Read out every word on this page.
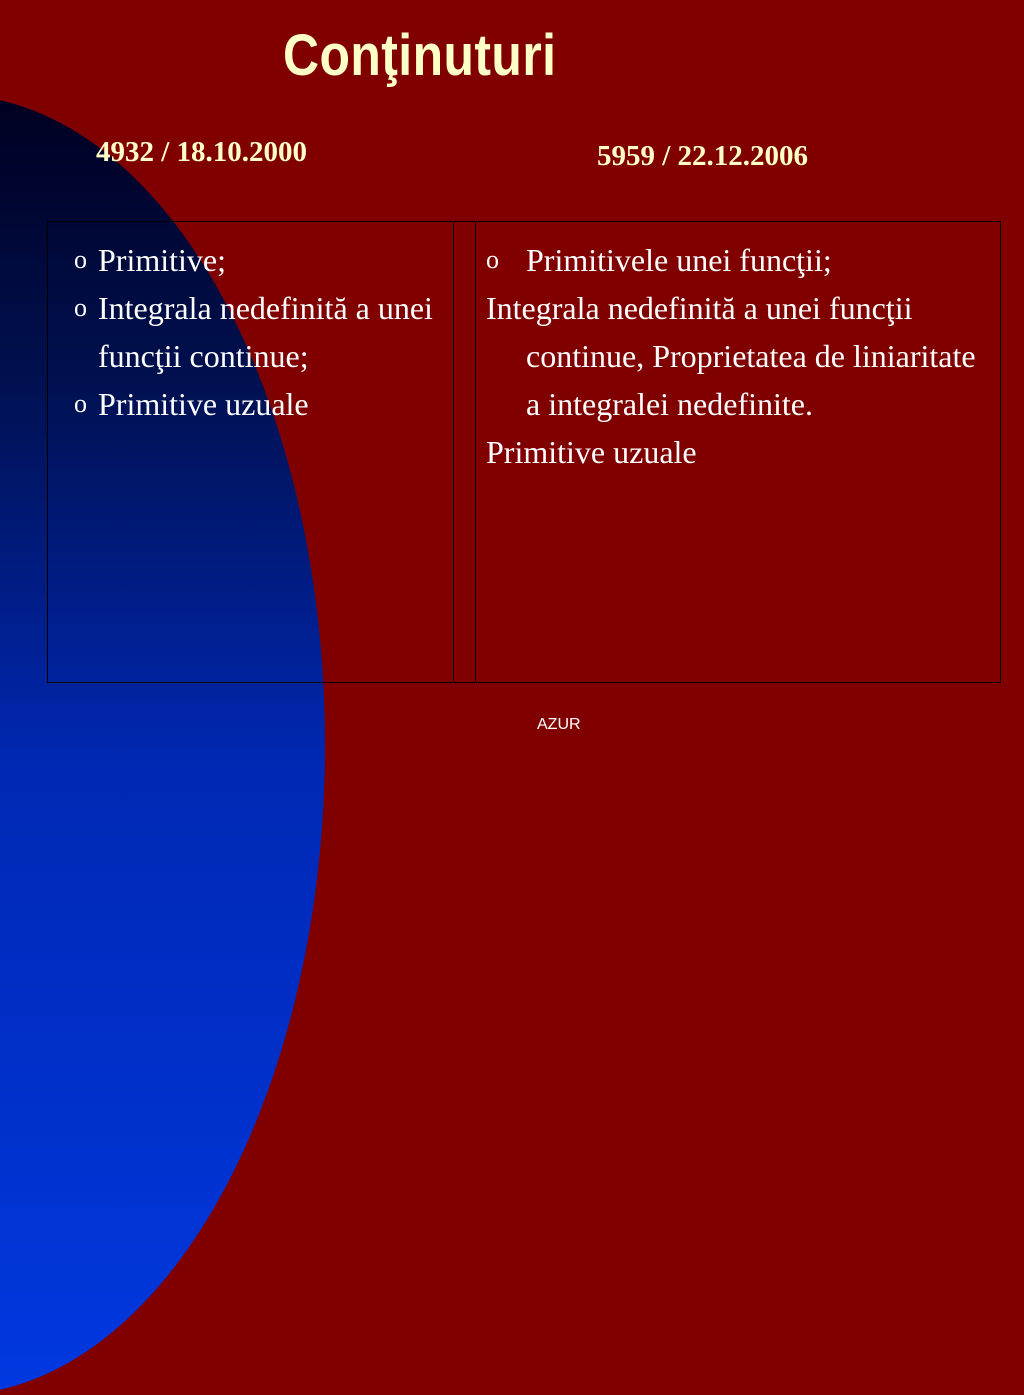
Conţinuturi
4932 / 18.10.2000	5959 / 22.12.2006
o Primitive;
o Integrala nedefinită a unei funcţii continue;
o Primitive uzuale
o Primitivele unei funcţii;
Integrala nedefinită a unei funcţii continue, Proprietatea de liniaritate a integralei nedefinite.
Primitive uzuale
AZUR
